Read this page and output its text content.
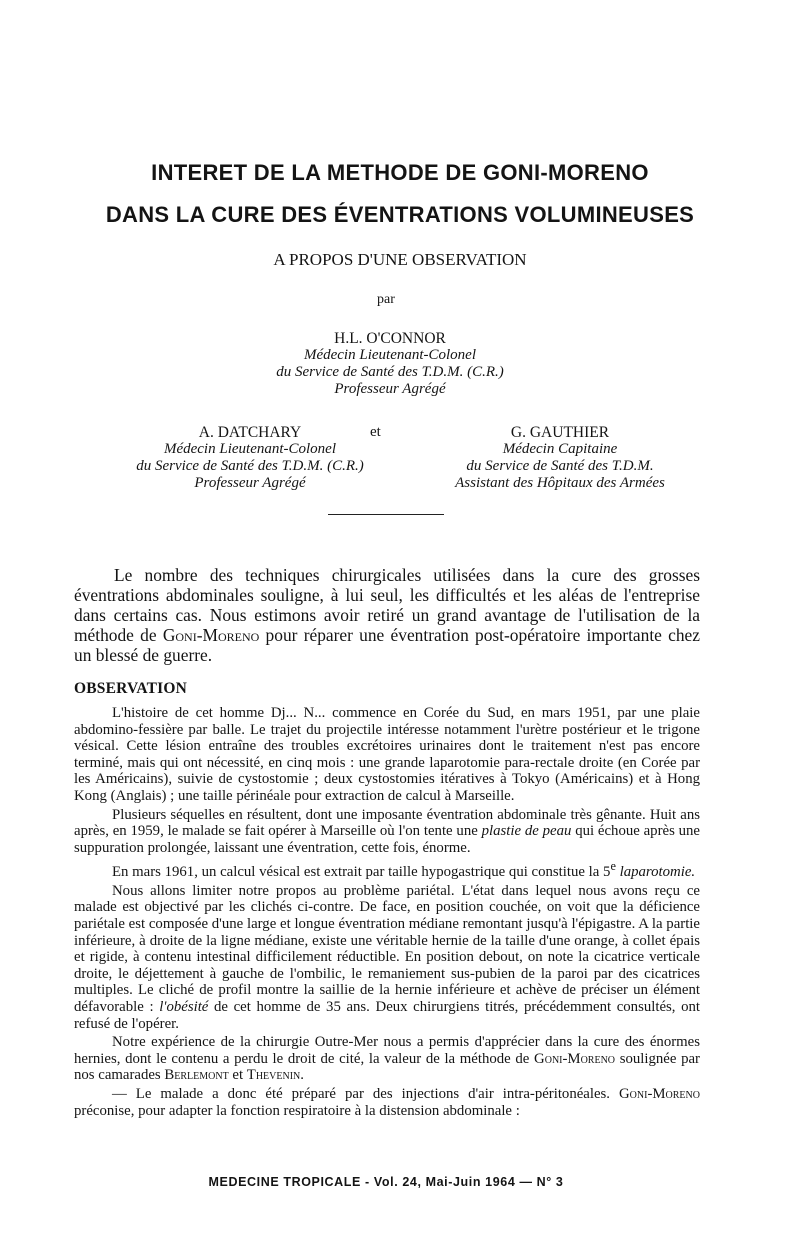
INTERET DE LA METHODE DE GONI-MORENO
DANS LA CURE DES ÉVENTRATIONS VOLUMINEUSES
A PROPOS D'UNE OBSERVATION
par
H.L. O'CONNOR
Médecin Lieutenant-Colonel
du Service de Santé des T.D.M. (C.R.)
Professeur Agrégé
A. DATCHARY
Médecin Lieutenant-Colonel
du Service de Santé des T.D.M. (C.R.)
Professeur Agrégé
et	G. GAUTHIER
Médecin Capitaine
du Service de Santé des T.D.M.
Assistant des Hôpitaux des Armées

Le nombre des techniques chirurgicales utilisées dans la cure des grosses éventrations abdominales souligne, à lui seul, les difficultés et les aléas de l'entreprise dans certains cas. Nous estimons avoir retiré un grand avantage de l'utilisation de la méthode de Goni-Moreno pour réparer une éventration post-opératoire importante chez un blessé de guerre.

OBSERVATION

L'histoire de cet homme Dj... N... commence en Corée du Sud, en mars 1951, par une plaie abdomino-fessière par balle. Le trajet du projectile intéresse notamment l'urètre postérieur et le trigone vésical. Cette lésion entraîne des troubles excrétoires urinaires dont le traitement n'est pas encore terminé, mais qui ont nécessité, en cinq mois : une grande laparotomie para-rectale droite (en Corée par les Américains), suivie de cystostomie ; deux cystostomies itératives à Tokyo (Américains) et à Hong Kong (Anglais) ; une taille périnéale pour extraction de calcul à Marseille.

Plusieurs séquelles en résultent, dont une imposante éventration abdominale très gênante. Huit ans après, en 1959, le malade se fait opérer à Marseille où l'on tente une plastie de peau qui échoue après une suppuration prolongée, laissant une éventration, cette fois, énorme.

En mars 1961, un calcul vésical est extrait par taille hypogastrique qui constitue la 5e laparotomie.

Nous allons limiter notre propos au problème pariétal. L'état dans lequel nous avons reçu ce malade est objectivé par les clichés ci-contre. De face, en position couchée, on voit que la déficience pariétale est composée d'une large et longue éventration médiane remontant jusqu'à l'épigastre. A la partie inférieure, à droite de la ligne médiane, existe une véritable hernie de la taille d'une orange, à collet épais et rigide, à contenu intestinal difficilement réductible. En position debout, on note la cicatrice verticale droite, le déjettement à gauche de l'ombilic, le remaniement sus-pubien de la paroi par des cicatrices multiples. Le cliché de profil montre la saillie de la hernie inférieure et achève de préciser un élément défavorable : l'obésité de cet homme de 35 ans. Deux chirurgiens titrés, précédemment consultés, ont refusé de l'opérer.

Notre expérience de la chirurgie Outre-Mer nous a permis d'apprécier dans la cure des énormes hernies, dont le contenu a perdu le droit de cité, la valeur de la méthode de Goni-Moreno soulignée par nos camarades Berlemont et Thevenin.

— Le malade a donc été préparé par des injections d'air intra-péritonéales. Goni-Moreno préconise, pour adapter la fonction respiratoire à la distension abdominale :

MEDECINE TROPICALE - Vol. 24, Mai-Juin 1964 — N° 3
